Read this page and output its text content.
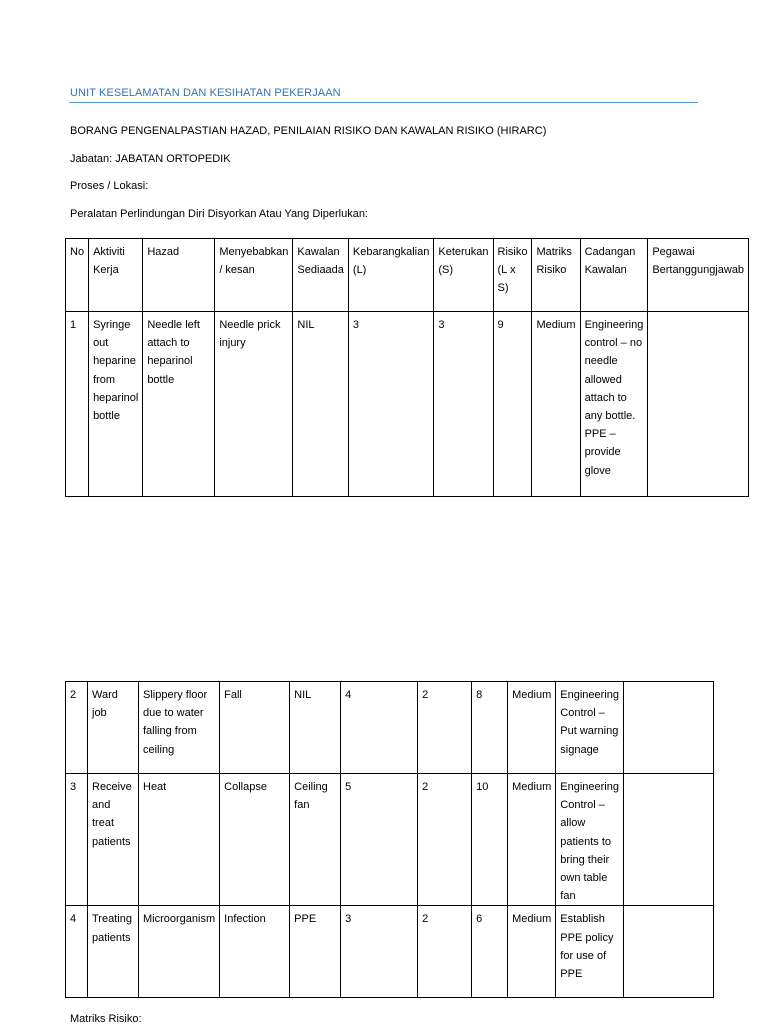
UNIT KESELAMATAN DAN KESIHATAN PEKERJAAN
BORANG PENGENALPASTIAN HAZAD, PENILAIAN RISIKO DAN KAWALAN RISIKO (HIRARC)
Jabatan: JABATAN ORTOPEDIK
Proses / Lokasi:
Peralatan Perlindungan Diri Disyorkan Atau Yang Diperlukan:
No	Aktiviti Kerja	Hazad	Menyebabkan / kesan	Kawalan Sediaada	Kebarangkalian (L)	Keterukan (S)	Risiko (L x S)	Matriks Risiko	Cadangan Kawalan	Pegawai Bertanggungjawab
1	Syringe out heparine from heparinol bottle	Needle left attach to heparinol bottle	Needle prick injury	NIL	3	3	9	Medium	Engineering control – no needle allowed attach to any bottle. PPE – provide glove	
2	Ward job	Slippery floor due to water falling from ceiling	Fall	NIL	4	2	8	Medium	Engineering Control – Put warning signage	
3	Receive and treat patients	Heat	Collapse	Ceiling fan	5	2	10	Medium	Engineering Control – allow patients to bring their own table fan	
4	Treating patients	Microorganism	Infection	PPE	3	2	6	Medium	Establish PPE policy for use of PPE	
Matriks Risiko:
